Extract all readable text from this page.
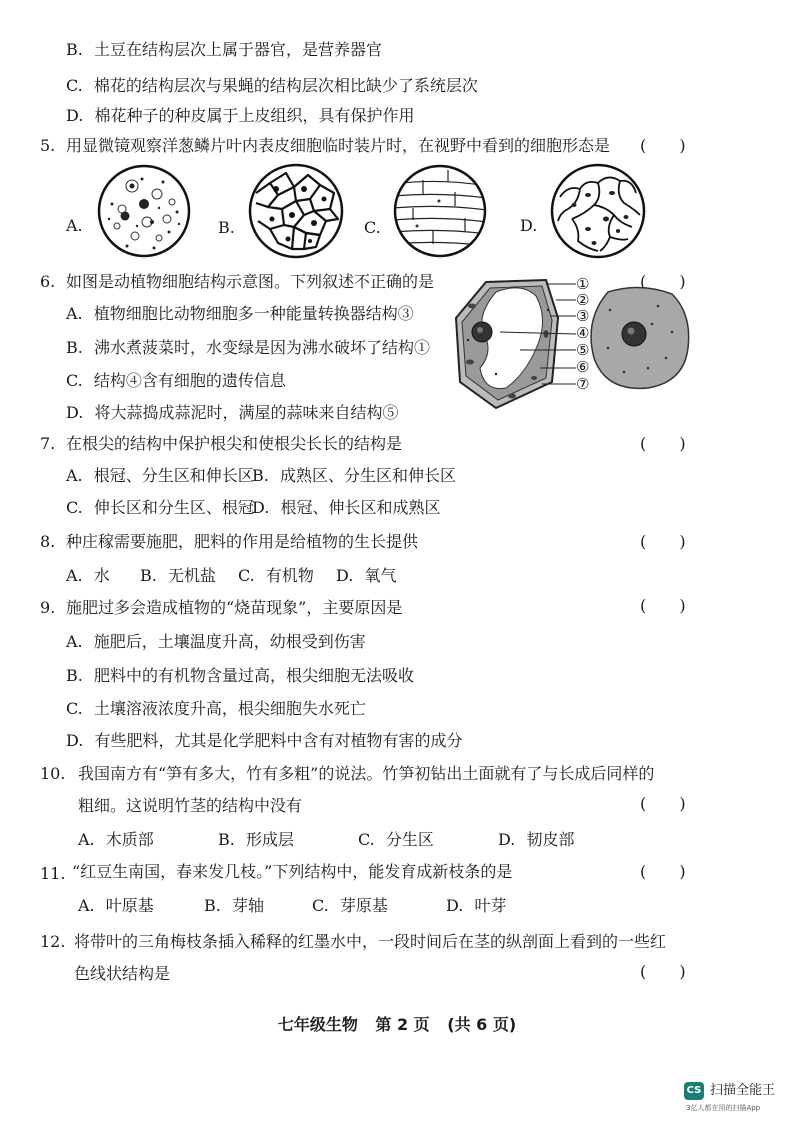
B. 土豆在结构层次上属于器官，是营养器官
C. 棉花的结构层次与果蝇的结构层次相比缺少了系统层次
D. 棉花种子的种皮属于上皮组织，具有保护作用
5. 用显微镜观察洋葱鳞片叶内表皮细胞临时装片时，在视野中看到的细胞形态是 ( )
A.	B.	C.	D.
6. 如图是动植物细胞结构示意图。下列叙述不正确的是	( )
A. 植物细胞比动物细胞多一种能量转换器结构③
B. 沸水煮菠菜时，水变绿是因为沸水破坏了结构①
C. 结构④含有细胞的遗传信息
D. 将大蒜捣成蒜泥时，满屋的蒜味来自结构⑤
①
②
③
④
⑤
⑥
⑦
7. 在根尖的结构中保护根尖和使根尖长长的结构是	( )
A. 根冠、分生区和伸长区
B. 成熟区、分生区和伸长区
C. 伸长区和分生区、根冠
D. 根冠、伸长区和成熟区
8. 种庄稼需要施肥，肥料的作用是给植物的生长提供	( )
A. 水 B. 无机盐 C. 有机物 D. 氧气
9. 施肥过多会造成植物的“烧苗现象”，主要原因是	( )
A. 施肥后，土壤温度升高，幼根受到伤害
B. 肥料中的有机物含量过高，根尖细胞无法吸收
C. 土壤溶液浓度升高，根尖细胞失水死亡
D. 有些肥料，尤其是化学肥料中含有对植物有害的成分
10. 我国南方有“笋有多大，竹有多粗”的说法。竹笋初钻出土面就有了与长成后同样的
粗细。这说明竹茎的结构中没有	( )
A. 木质部	B. 形成层	C. 分生区	D. 韧皮部
11. “红豆生南国，春来发几枝。”下列结构中，能发育成新枝条的是	( )
A. 叶原基	B. 芽轴	C. 芽原基	D. 叶芽
12. 将带叶的三角梅枝条插入稀释的红墨水中，一段时间后在茎的纵剖面上看到的一些红
色线状结构是	( )
七年级生物 第 2 页 (共 6 页)
CS 扫描全能王
3亿人都在用的扫描App
